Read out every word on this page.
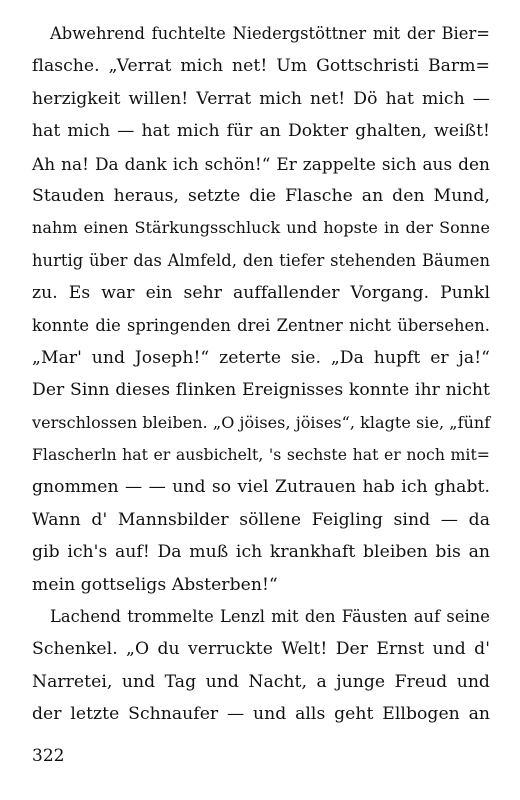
Abwehrend fuchtelte Niedergstöttner mit der Bier=
flasche. „Verrat mich net! Um Gottschristi Barm=
herzigkeit willen! Verrat mich net! Dö hat mich —
hat mich — hat mich für an Dokter ghalten, weißt!
Ah na! Da dank ich schön!“ Er zappelte sich aus den
Stauden heraus, setzte die Flasche an den Mund,
nahm einen Stärkungsschluck und hopste in der Sonne
hurtig über das Almfeld, den tiefer stehenden Bäumen
zu. Es war ein sehr auffallender Vorgang. Punkl
konnte die springenden drei Zentner nicht übersehen.
„Mar' und Joseph!“ zeterte sie. „Da hupft er ja!“
Der Sinn dieses flinken Ereignisses konnte ihr nicht
verschlossen bleiben. „O jöises, jöises“, klagte sie, „fünf
Flascherln hat er ausbichelt, 's sechste hat er noch mit=
gnommen — — und so viel Zutrauen hab ich ghabt.
Wann d' Mannsbilder söllene Feigling sind — da
gib ich's auf! Da muß ich krankhaft bleiben bis an
mein gottseligs Absterben!“
Lachend trommelte Lenzl mit den Fäusten auf seine
Schenkel. „O du verruckte Welt! Der Ernst und d'
Narretei, und Tag und Nacht, a junge Freud und
der letzte Schnaufer — und alls geht Ellbogen an
322
